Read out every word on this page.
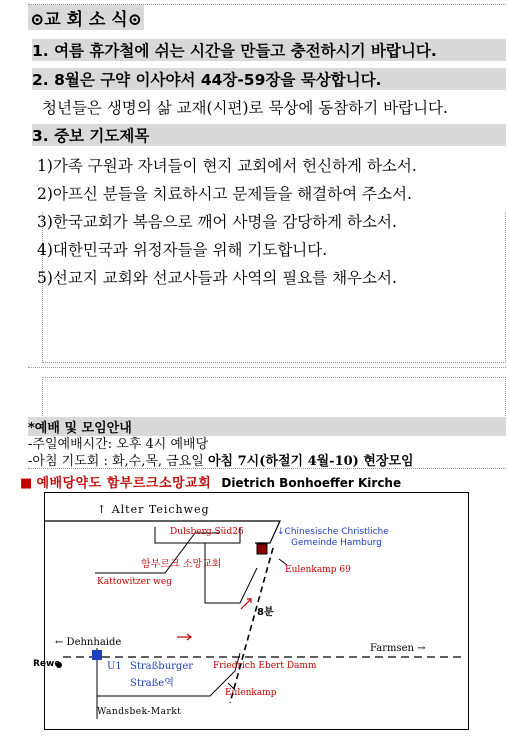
⊙교 회 소 식⊙
1. 여름 휴가철에 쉬는 시간을 만들고 충전하시기 바랍니다.
2. 8월은 구약 이사야서 44장-59장을 묵상합니다.
청년들은 생명의 삶 교재(시편)로 묵상에 동참하기 바랍니다.
3. 중보 기도제목
1)가족 구원과 자녀들이 현지 교회에서 헌신하게 하소서.
2)아프신 분들을 치료하시고 문제들을 해결하여 주소서.
3)한국교회가 복음으로 깨어 사명을 감당하게 하소서.
4)대한민국과 위정자들을 위해 기도합니다.
5)선교지 교회와 선교사들과 사역의 필요를 채우소서.
*예배 및 모임안내
-주일예배시간: 오후 4시 예배당
-아침 기도회 : 화,수,목, 금요일 아침 7시(하절기 4월-10) 현장모임
■ 예배당약도 함부르크소망교회 Dietrich Bonhoeffer Kirche
↑ Alter Teichweg
Dulsberg Süd26	↓Chinesische Christliche
Gemeinde Hamburg
함부르크 소망교회	Eulenkamp 69
Kattowitzer weg
8분
← Dehnhaide
Rewe	U1 Straßburger
Straße역
Friedrich Ebert Damm
Farmsen →
Eulenkamp
Wandsbek-Markt
